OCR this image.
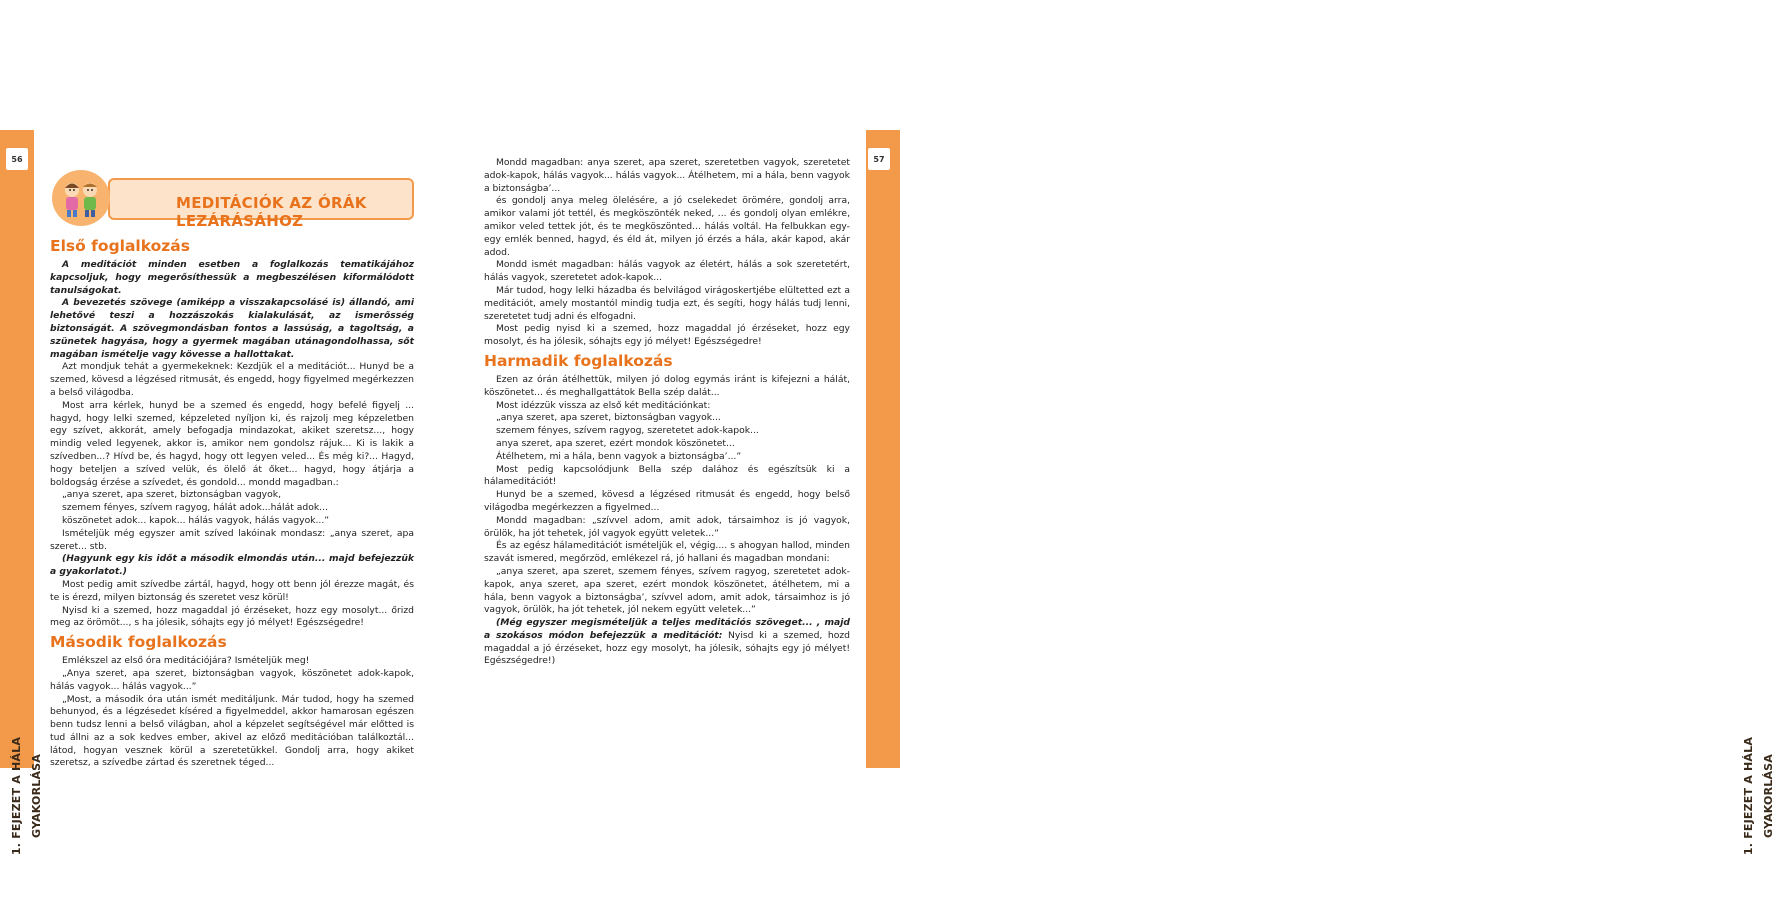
1. FEJEZET A HÁLA GYAKORLÁSA
56
1. FEJEZET A HÁLA GYAKORLÁSA
57
MEDITÁCIÓK AZ ÓRÁK LEZÁRÁSÁHOZ
Első foglalkozás

A meditációt minden esetben a foglalkozás tematikájához kapcsoljuk, hogy megerősíthessük a megbeszélésen kiformálódott tanulságokat.

A bevezetés szövege (amiképp a visszakapcsolásé is) állandó, ami lehetővé teszi a hozzászokás kialakulását, az ismerősség biztonságát. A szövegmondásban fontos a lassúság, a tagoltság, a szünetek hagyása, hogy a gyermek magában utánagondolhassa, sőt magában ismételje vagy kövesse a hallottakat.

Azt mondjuk tehát a gyermekeknek: Kezdjük el a meditációt... Hunyd be a szemed, kövesd a légzésed ritmusát, és engedd, hogy figyelmed megérkezzen a belső világodba.

Most arra kérlek, hunyd be a szemed és engedd, hogy befelé figyelj ... hagyd, hogy lelki szemed, képzeleted nyíljon ki, és rajzolj meg képzeletben egy szívet, akkorát, amely befogadja mindazokat, akiket szeretsz..., hogy mindig veled legyenek, akkor is, amikor nem gondolsz rájuk... Ki is lakik a szívedben...? Hívd be, és hagyd, hogy ott legyen veled... És még ki?... Hagyd, hogy beteljen a szíved velük, és ölelő át őket... hagyd, hogy átjárja a boldogság érzése a szívedet, és gondold... mondd magadban.:

„anya szeret, apa szeret, biztonságban vagyok,

szemem fényes, szívem ragyog, hálát adok...hálát adok...

köszönetet adok... kapok... hálás vagyok, hálás vagyok...”

Ismételjük még egyszer amit szíved lakóinak mondasz: „anya szeret, apa szeret... stb.

(Hagyunk egy kis időt a második elmondás után... majd befejezzük a gyakorlatot.)

Most pedig amit szívedbe zártál, hagyd, hogy ott benn jól érezze magát, és te is érezd, milyen biztonság és szeretet vesz körül!

Nyisd ki a szemed, hozz magaddal jó érzéseket, hozz egy mosolyt... őrizd meg az örömöt..., s ha jólesik, sóhajts egy jó mélyet! Egészségedre!

Második foglalkozás

Emlékszel az első óra meditációjára? Ismételjük meg!

„Anya szeret, apa szeret, biztonságban vagyok, köszönetet adok-kapok, hálás vagyok... hálás vagyok...”

„Most, a második óra után ismét meditáljunk. Már tudod, hogy ha szemed behunyod, és a légzésedet kíséred a figyelmeddel, akkor hamarosan egészen benn tudsz lenni a belső világban, ahol a képzelet segítségével már előtted is tud állni az a sok kedves ember, akivel az előző meditációban találkoztál... látod, hogyan vesznek körül a szeretetükkel. Gondolj arra, hogy akiket szeretsz, a szívedbe zártad és szeretnek téged...

Mondd magadban: anya szeret, apa szeret, szeretetben vagyok, szeretetet adok-kapok, hálás vagyok... hálás vagyok... Átélhetem, mi a hála, benn vagyok a biztonságba’...

és gondolj anya meleg ölelésére, a jó cselekedet örömére, gondolj arra, amikor valami jót tettél, és megköszönték neked, ... és gondolj olyan emlékre, amikor veled tettek jót, és te megköszönted... hálás voltál. Ha felbukkan egy-egy emlék benned, hagyd, és éld át, milyen jó érzés a hála, akár kapod, akár adod.

Mondd ismét magadban: hálás vagyok az életért, hálás a sok szeretetért, hálás vagyok, szeretetet adok-kapok...

Már tudod, hogy lelki házadba és belvilágod virágoskertjébe elültetted ezt a meditációt, amely mostantól mindig tudja ezt, és segíti, hogy hálás tudj lenni, szeretetet tudj adni és elfogadni.

Most pedig nyisd ki a szemed, hozz magaddal jó érzéseket, hozz egy mosolyt, és ha jólesik, sóhajts egy jó mélyet! Egészségedre!

Harmadik foglalkozás

Ezen az órán átélhettük, milyen jó dolog egymás iránt is kifejezni a hálát, köszönetet... és meghallgattátok Bella szép dalát...

Most idézzük vissza az első két meditációnkat:

„anya szeret, apa szeret, biztonságban vagyok...

szemem fényes, szívem ragyog, szeretetet adok-kapok...

anya szeret, apa szeret, ezért mondok köszönetet...

Átélhetem, mi a hála, benn vagyok a biztonságba’...”

Most pedig kapcsolódjunk Bella szép dalához és egészítsük ki a hálameditációt!

Hunyd be a szemed, kövesd a légzésed ritmusát és engedd, hogy belső világodba megérkezzen a figyelmed...

Mondd magadban: „szívvel adom, amit adok, társaimhoz is jó vagyok, örülök, ha jót tehetek, jól vagyok együtt veletek...”

És az egész hálameditációt ismételjük el, végig.... s ahogyan hallod, minden szavát ismered, megőrzöd, emlékezel rá, jó hallani és magadban mondani:

„anya szeret, apa szeret, szemem fényes, szívem ragyog, szeretetet adok-kapok, anya szeret, apa szeret, ezért mondok köszönetet, átélhetem, mi a hála, benn vagyok a biztonságba’, szívvel adom, amit adok, társaimhoz is jó vagyok, örülök, ha jót tehetek, jól nekem együtt veletek...”

(Még egyszer megismételjük a teljes meditációs szöveget... , majd a szokásos módon befejezzük a meditációt: Nyisd ki a szemed, hozd magaddal a jó érzéseket, hozz egy mosolyt, ha jólesik, sóhajts egy jó mélyet! Egészségedre!)
